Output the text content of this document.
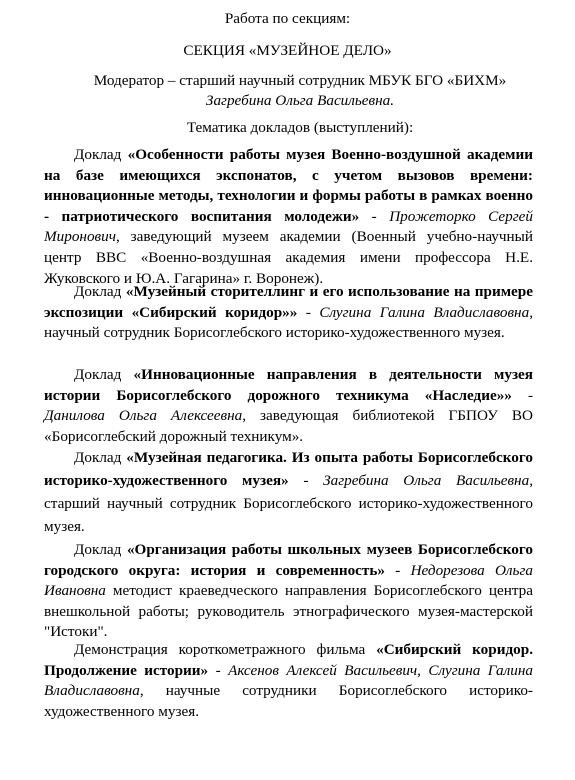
Работа по секциям:

СЕКЦИЯ «МУЗЕЙНОЕ ДЕЛО»

Модератор – старший научный сотрудник МБУК БГО «БИХМ»

Загребина Ольга Васильевна.

Тематика докладов (выступлений):

Доклад «Особенности работы музея Военно-воздушной академии на базе имеющихся экспонатов, с учетом вызовов времени: инновационные методы, технологии и формы работы в рамках военно - патриотического воспитания молодежи» - Прожеторко Сергей Миронович, заведующий музеем академии (Военный учебно-научный центр ВВС «Военно-воздушная академия имени профессора Н.Е. Жуковского и Ю.А. Гагарина» г. Воронеж).

Доклад «Музейный сторителлинг и его использование на примере экспозиции «Сибирский коридор»» - Слугина Галина Владиславовна, научный сотрудник Борисоглебского историко-художественного музея.

Доклад «Инновационные направления в деятельности музея истории Борисоглебского дорожного техникума «Наследие»» - Данилова Ольга Алексеевна, заведующая библиотекой ГБПОУ ВО «Борисоглебский дорожный техникум».

Доклад «Музейная педагогика. Из опыта работы Борисоглебского историко-художественного музея» - Загребина Ольга Васильевна, старший научный сотрудник Борисоглебского историко-художественного музея.

Доклад «Организация работы школьных музеев Борисоглебского городского округа: история и современность» - Недорезова Ольга Ивановна методист краеведческого направления Борисоглебского центра внешкольной работы; руководитель этнографического музея-мастерской "Истоки".

Демонстрация короткометражного фильма «Сибирский коридор. Продолжение истории» - Аксенов Алексей Васильевич, Слугина Галина Владиславовна, научные сотрудники Борисоглебского историко-художественного музея.
